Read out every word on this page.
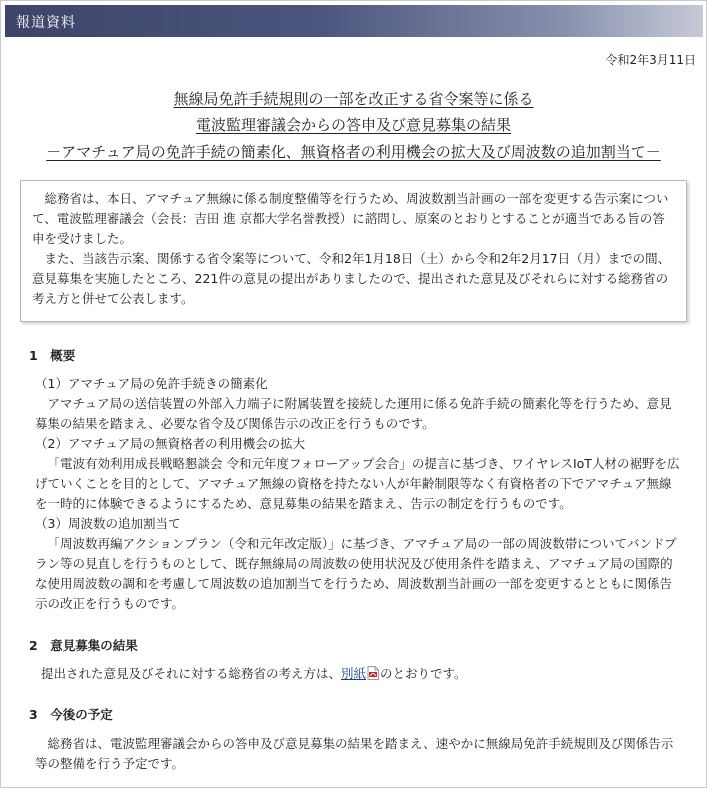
報道資料
令和2年3月11日
無線局免許手続規則の一部を改正する省令案等に係る
電波監理審議会からの答申及び意見募集の結果
－アマチュア局の免許手続の簡素化、無資格者の利用機会の拡大及び周波数の追加割当て－

総務省は、本日、アマチュア無線に係る制度整備等を行うため、周波数割当計画の一部を変更する告示案について、電波監理審議会（会長：吉田 進 京都大学名誉教授）に諮問し、原案のとおりとすることが適当である旨の答申を受けました。

また、当該告示案、関係する省令案等について、令和2年1月18日（土）から令和2年2月17日（月）までの間、意見募集を実施したところ、221件の意見の提出がありましたので、提出された意見及びそれらに対する総務省の考え方と併せて公表します。

1　概要

（1）アマチュア局の免許手続きの簡素化

アマチュア局の送信装置の外部入力端子に附属装置を接続した運用に係る免許手続の簡素化等を行うため、意見募集の結果を踏まえ、必要な省令及び関係告示の改正を行うものです。

（2）アマチュア局の無資格者の利用機会の拡大

「電波有効利用成長戦略懇談会 令和元年度フォローアップ会合」の提言に基づき、ワイヤレスIoT人材の裾野を広げていくことを目的として、アマチュア無線の資格を持たない人が年齢制限等なく有資格者の下でアマチュア無線を一時的に体験できるようにするため、意見募集の結果を踏まえ、告示の制定を行うものです。

（3）周波数の追加割当て

「周波数再編アクションプラン（令和元年改定版）」に基づき、アマチュア局の一部の周波数帯についてバンドプラン等の見直しを行うものとして、既存無線局の周波数の使用状況及び使用条件を踏まえ、アマチュア局の国際的な使用周波数の調和を考慮して周波数の追加割当てを行うため、周波数割当計画の一部を変更するとともに関係告示の改正を行うものです。

2　意見募集の結果
提出された意見及びそれに対する総務省の考え方は、別紙 のとおりです。
3　今後の予定

総務省は、電波監理審議会からの答申及び意見募集の結果を踏まえ、速やかに無線局免許手続規則及び関係告示等の整備を行う予定です。
